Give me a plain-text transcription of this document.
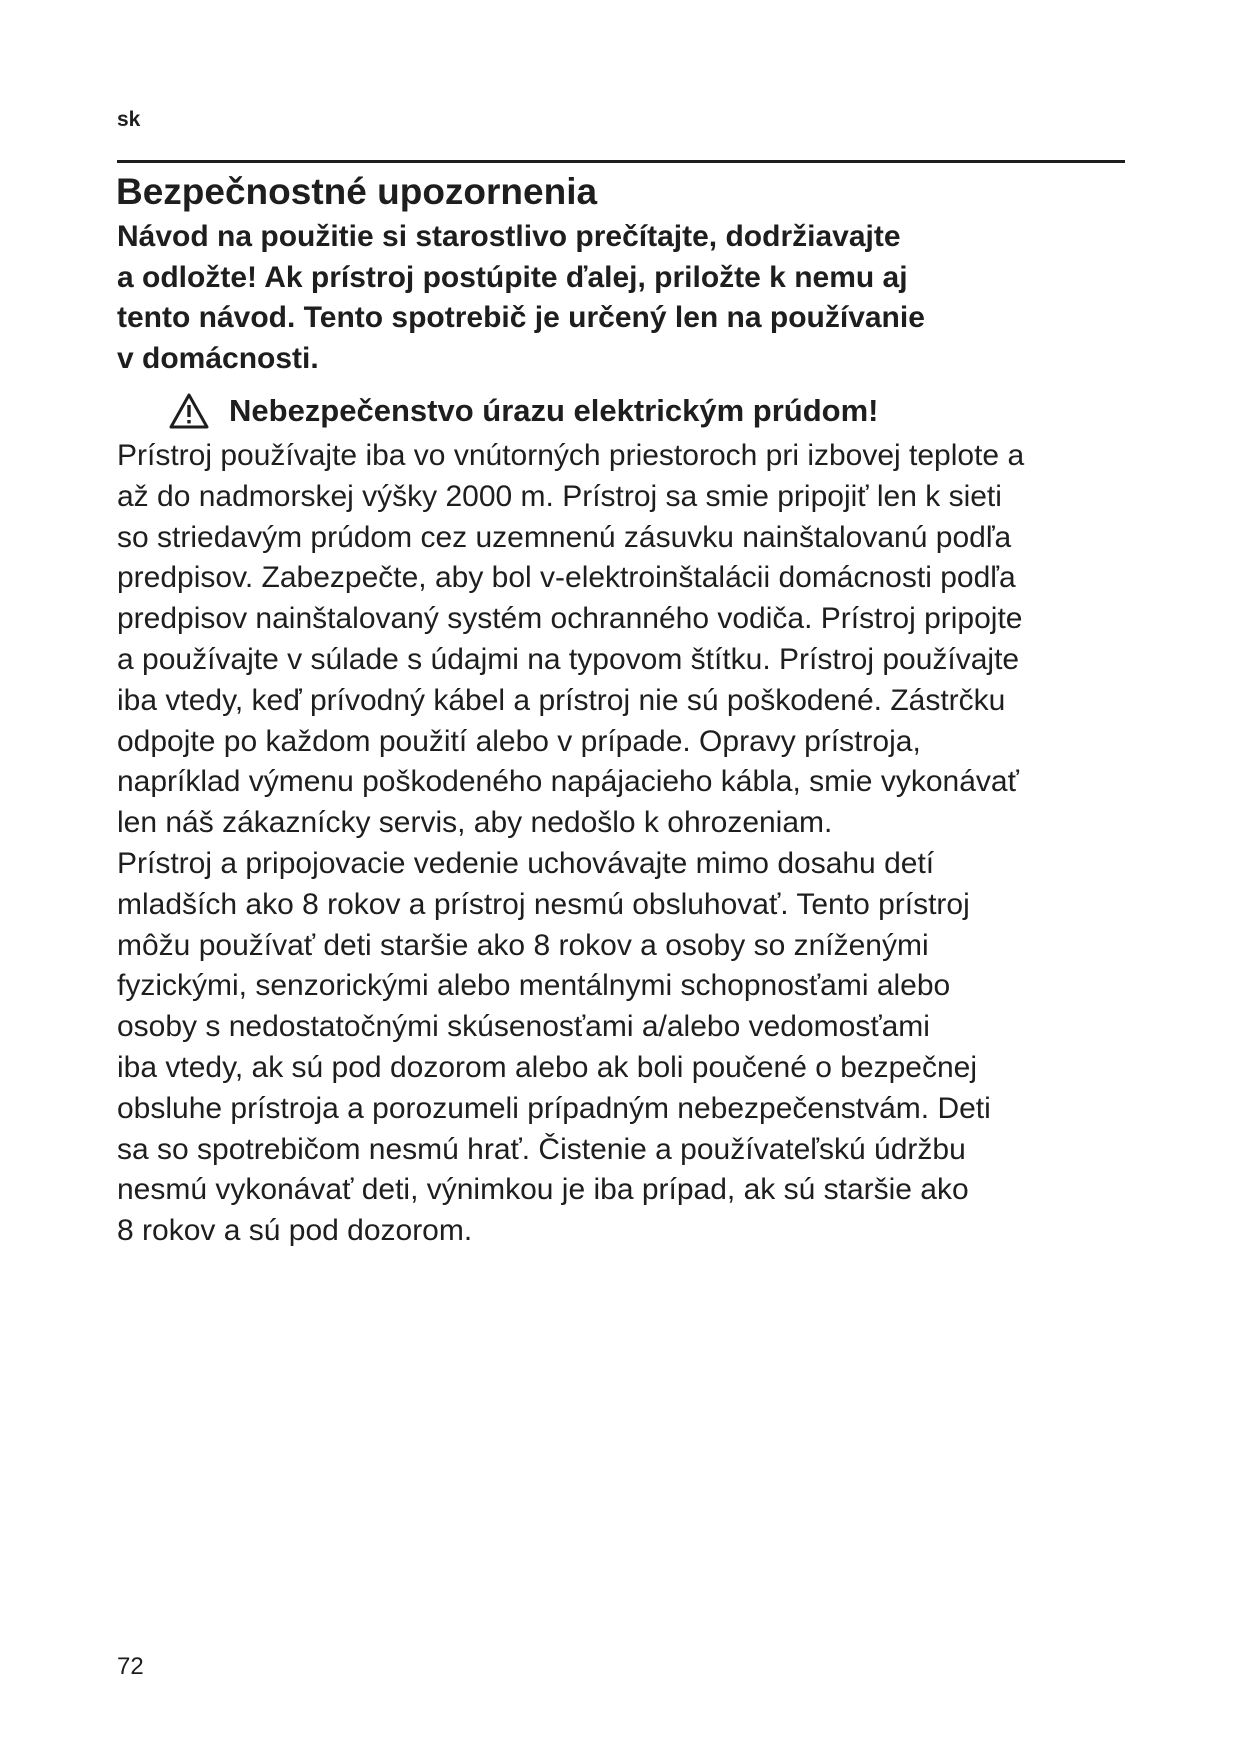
sk
Bezpečnostné upozornenia
Návod na použitie si starostlivo prečítajte, dodržiavajte
a odložte! Ak prístroj postúpite ďalej, priložte k nemu aj
tento návod. Tento spotrebič je určený len na používanie
v domácnosti.
Nebezpečenstvo úrazu elektrickým prúdom!
Prístroj používajte iba vo vnútorných priestoroch pri izbovej teplote a
až do nadmorskej výšky 2000 m. Prístroj sa smie pripojiť len k sieti
so striedavým prúdom cez uzemnenú zásuvku nainštalovanú podľa
predpisov. Zabezpečte, aby bol v-elektroinštalácii domácnosti podľa
predpisov nainštalovaný systém ochranného vodiča. Prístroj pripojte
a používajte v súlade s údajmi na typovom štítku. Prístroj používajte
iba vtedy, keď prívodný kábel a prístroj nie sú poškodené. Zástrčku
odpojte po každom použití alebo v prípade. Opravy prístroja,
napríklad výmenu poškodeného napájacieho kábla, smie vykonávať
len náš zákaznícky servis, aby nedošlo k ohrozeniam.
Prístroj a pripojovacie vedenie uchovávajte mimo dosahu detí
mladších ako 8 rokov a prístroj nesmú obsluhovať. Tento prístroj
môžu používať deti staršie ako 8 rokov a osoby so zníženými
fyzickými, senzorickými alebo mentálnymi schopnosťami alebo
osoby s nedostatočnými skúsenosťami a/alebo vedomosťami
iba vtedy, ak sú pod dozorom alebo ak boli poučené o bezpečnej
obsluhe prístroja a porozumeli prípadným nebezpečenstvám. Deti
sa so spotrebičom nesmú hrať. Čistenie a používateľskú údržbu
nesmú vykonávať deti, výnimkou je iba prípad, ak sú staršie ako
8 rokov a sú pod dozorom.
72
